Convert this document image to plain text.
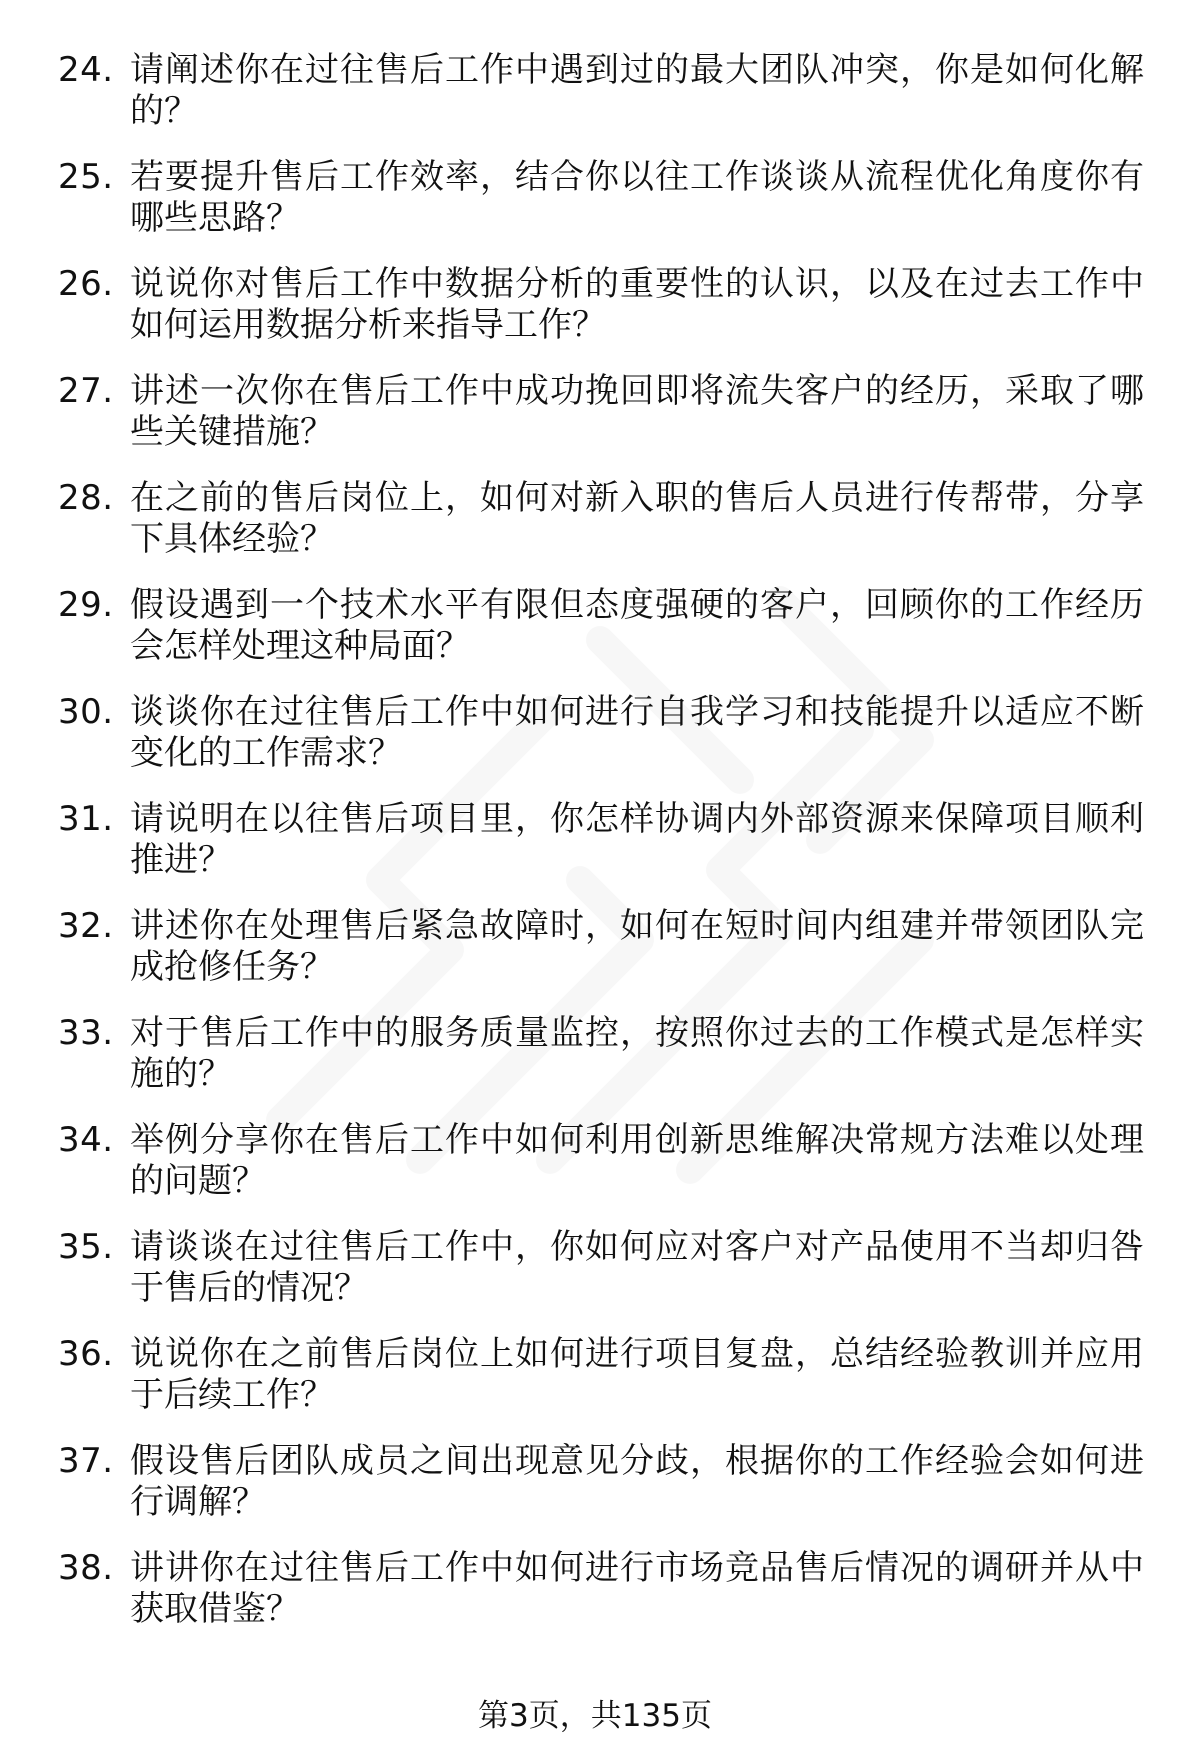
24. 请阐述你在过往售后工作中遇到过的最大团队冲突，你是如何化解的？
25. 若要提升售后工作效率，结合你以往工作谈谈从流程优化角度你有哪些思路？
26. 说说你对售后工作中数据分析的重要性的认识，以及在过去工作中如何运用数据分析来指导工作？
27. 讲述一次你在售后工作中成功挽回即将流失客户的经历，采取了哪些关键措施？
28. 在之前的售后岗位上，如何对新入职的售后人员进行传帮带，分享下具体经验？
29. 假设遇到一个技术水平有限但态度强硬的客户，回顾你的工作经历会怎样处理这种局面？
30. 谈谈你在过往售后工作中如何进行自我学习和技能提升以适应不断变化的工作需求？
31. 请说明在以往售后项目里，你怎样协调内外部资源来保障项目顺利推进？
32. 讲述你在处理售后紧急故障时，如何在短时间内组建并带领团队完成抢修任务？
33. 对于售后工作中的服务质量监控，按照你过去的工作模式是怎样实施的？
34. 举例分享你在售后工作中如何利用创新思维解决常规方法难以处理的问题？
35. 请谈谈在过往售后工作中，你如何应对客户对产品使用不当却归咎于售后的情况？
36. 说说你在之前售后岗位上如何进行项目复盘，总结经验教训并应用于后续工作？
37. 假设售后团队成员之间出现意见分歧，根据你的工作经验会如何进行调解？
38. 讲讲你在过往售后工作中如何进行市场竞品售后情况的调研并从中获取借鉴？
第3页，共135页
